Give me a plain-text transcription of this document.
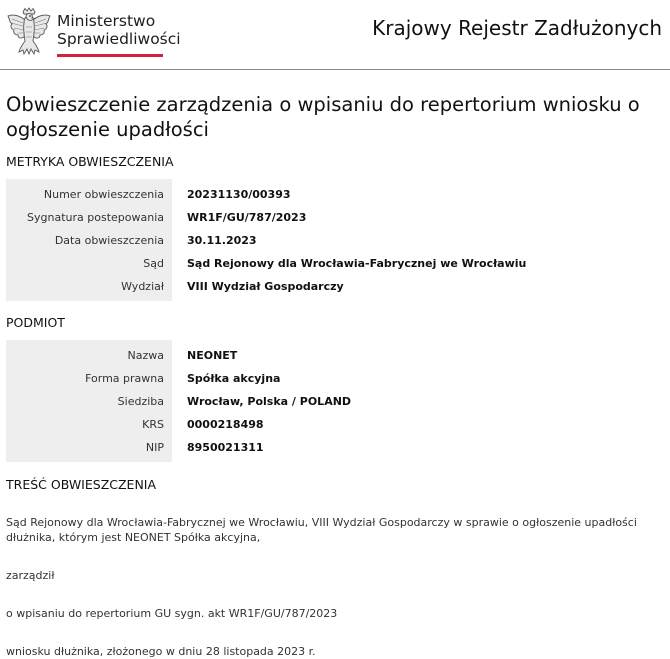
Ministerstwo
Sprawiedliwości	Krajowy Rejestr Zadłużonych
Obwieszczenie zarządzenia o wpisaniu do repertorium wniosku o ogłoszenie upadłości
METRYKA OBWIESZCZENIA
Numer obwieszczenia
Sygnatura postepowania
Data obwieszczenia
Sąd
Wydział
20231130/00393
WR1F/GU/787/2023
30.11.2023
Sąd Rejonowy dla Wrocławia-Fabrycznej we Wrocławiu
VIII Wydział Gospodarczy
PODMIOT
Nazwa
Forma prawna
Siedziba
KRS
NIP
NEONET
Spółka akcyjna
Wrocław, Polska / POLAND
0000218498
8950021311
TREŚĆ OBWIESZCZENIA

Sąd Rejonowy dla Wrocławia-Fabrycznej we Wrocławiu, VIII Wydział Gospodarczy w sprawie o ogłoszenie upadłości dłużnika, którym jest NEONET Spółka akcyjna,

zarządził

o wpisaniu do repertorium GU sygn. akt WR1F/GU/787/2023

wniosku dłużnika, złożonego w dniu 28 listopada 2023 r.
